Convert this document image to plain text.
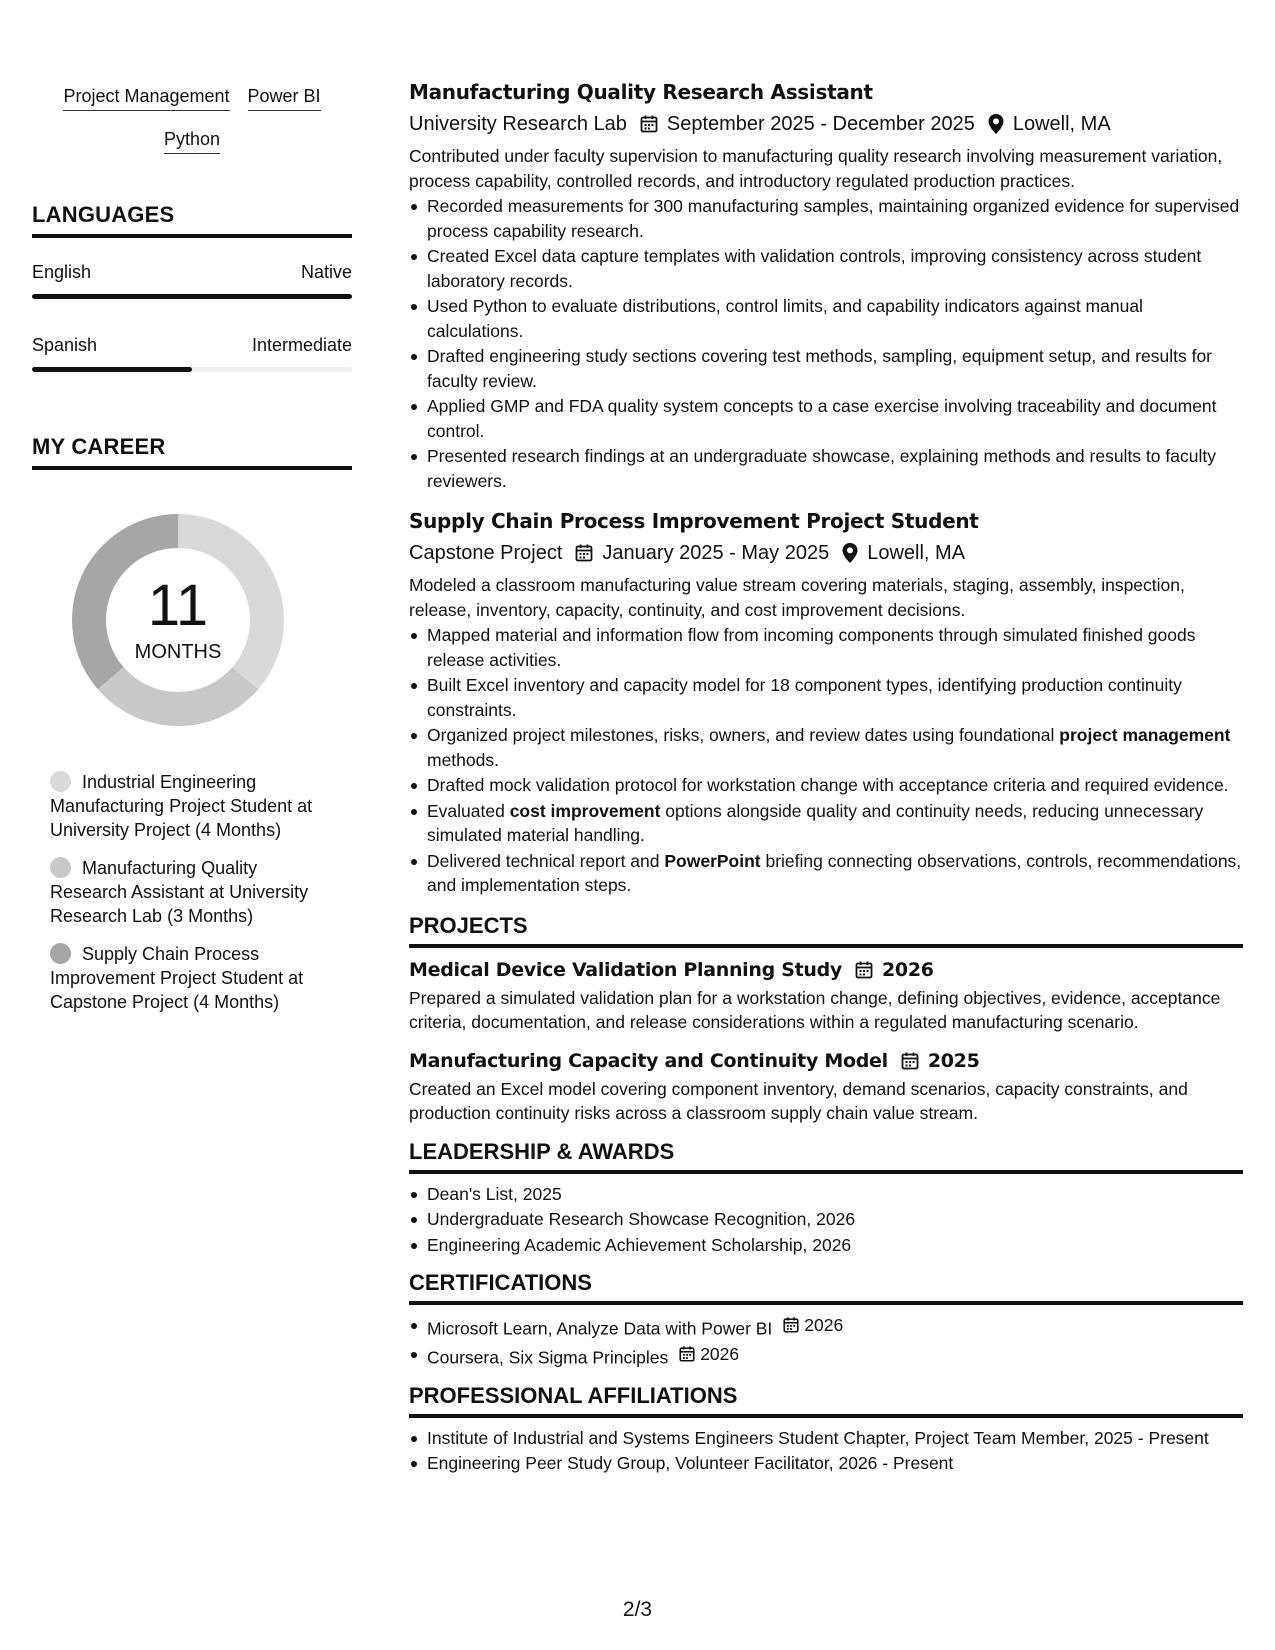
Project Management Power BI
Python
LANGUAGES
English	Native
Spanish	Intermediate
MY CAREER
11
MONTHS
Industrial Engineering Manufacturing Project Student at University Project (4 Months)
Manufacturing Quality Research Assistant at University Research Lab (3 Months)
Supply Chain Process Improvement Project Student at Capstone Project (4 Months)
Manufacturing Quality Research Assistant
University Research Lab September 2025 - December 2025 Lowell, MA
Contributed under faculty supervision to manufacturing quality research involving measurement variation, process capability, controlled records, and introductory regulated production practices.
Recorded measurements for 300 manufacturing samples, maintaining organized evidence for supervised process capability research.
Created Excel data capture templates with validation controls, improving consistency across student laboratory records.
Used Python to evaluate distributions, control limits, and capability indicators against manual calculations.
Drafted engineering study sections covering test methods, sampling, equipment setup, and results for faculty review.
Applied GMP and FDA quality system concepts to a case exercise involving traceability and document control.
Presented research findings at an undergraduate showcase, explaining methods and results to faculty reviewers.
Supply Chain Process Improvement Project Student
Capstone Project January 2025 - May 2025 Lowell, MA
Modeled a classroom manufacturing value stream covering materials, staging, assembly, inspection, release, inventory, capacity, continuity, and cost improvement decisions.
Mapped material and information flow from incoming components through simulated finished goods release activities.
Built Excel inventory and capacity model for 18 component types, identifying production continuity constraints.
Organized project milestones, risks, owners, and review dates using foundational project management methods.
Drafted mock validation protocol for workstation change with acceptance criteria and required evidence.
Evaluated cost improvement options alongside quality and continuity needs, reducing unnecessary simulated material handling.
Delivered technical report and PowerPoint briefing connecting observations, controls, recommendations, and implementation steps.
PROJECTS
Medical Device Validation Planning Study 2026
Prepared a simulated validation plan for a workstation change, defining objectives, evidence, acceptance criteria, documentation, and release considerations within a regulated manufacturing scenario.
Manufacturing Capacity and Continuity Model 2025
Created an Excel model covering component inventory, demand scenarios, capacity constraints, and production continuity risks across a classroom supply chain value stream.
LEADERSHIP & AWARDS
Dean's List, 2025
Undergraduate Research Showcase Recognition, 2026
Engineering Academic Achievement Scholarship, 2026
CERTIFICATIONS
Microsoft Learn, Analyze Data with Power BI 2026
Coursera, Six Sigma Principles 2026
PROFESSIONAL AFFILIATIONS
Institute of Industrial and Systems Engineers Student Chapter, Project Team Member, 2025 - Present
Engineering Peer Study Group, Volunteer Facilitator, 2026 - Present
2/3
